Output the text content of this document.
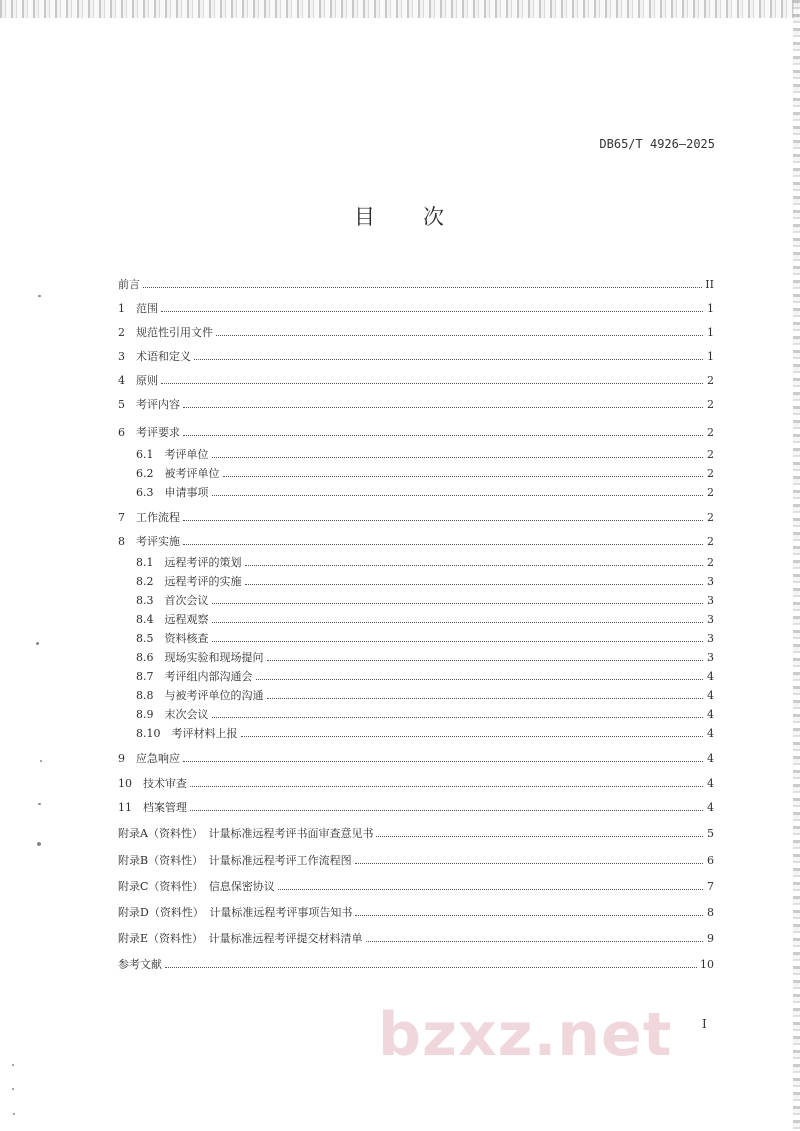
DB65/T 4926—2025
目 次
前言	II
1　范围	1
2　规范性引用文件	1
3　术语和定义	1
4　原则	2
5　考评内容	2
6　考评要求	2
6.1　考评单位	2
6.2　被考评单位	2
6.3　申请事项	2
7　工作流程	2
8　考评实施	2
8.1　远程考评的策划	2
8.2　远程考评的实施	3
8.3　首次会议	3
8.4　远程观察	3
8.5　资料核查	3
8.6　现场实验和现场提问	3
8.7　考评组内部沟通会	4
8.8　与被考评单位的沟通	4
8.9　末次会议	4
8.10　考评材料上报	4
9　应急响应	4
10　技术审查	4
11　档案管理	4
附录A（资料性）　计量标准远程考评书面审查意见书	5
附录B（资料性）　计量标准远程考评工作流程图	6
附录C（资料性）　信息保密协议	7
附录D（资料性）　计量标准远程考评事项告知书	8
附录E（资料性）　计量标准远程考评提交材料清单	9
参考文献	10
I
bzxz.net
